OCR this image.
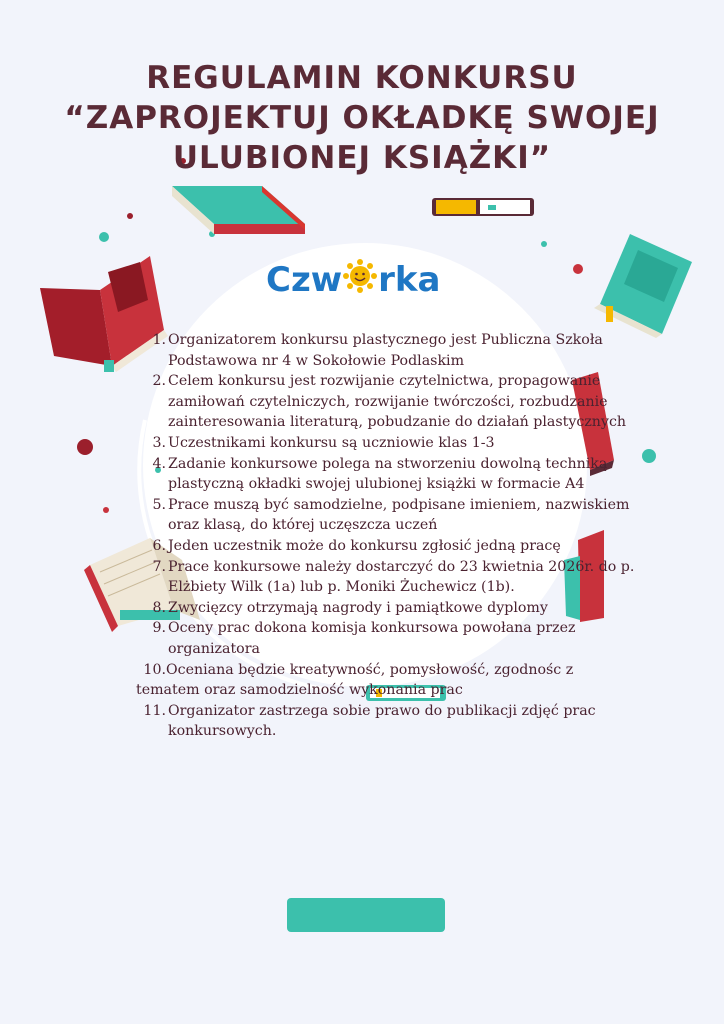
REGULAMIN KONKURSU
“ZAPROJEKTUJ OKŁADKĘ SWOJEJ
ULUBIONEJ KSIĄŻKI”
Czw rka
1. Organizatorem konkursu plastycznego jest Publiczna Szkoła Podstawowa nr 4 w Sokołowie Podlaskim
2. Celem konkursu jest rozwijanie czytelnictwa, propagowanie zamiłowań czytelniczych, rozwijanie twórczości, rozbudzanie zainteresowania literaturą, pobudzanie do działań plastycznych
3. Uczestnikami konkursu są uczniowie klas 1-3
4. Zadanie konkursowe polega na stworzeniu dowolną techniką plastyczną okładki swojej ulubionej książki w formacie A4
5. Prace muszą być samodzielne, podpisane imieniem, nazwiskiem oraz klasą, do której uczęszcza uczeń
6. Jeden uczestnik może do konkursu zgłosić jedną pracę
7. Prace konkursowe należy dostarczyć do 23 kwietnia 2026r. do p. Elżbiety Wilk (1a) lub p. Moniki Żuchewicz (1b).
8. Zwycięzcy otrzymają nagrody i pamiątkowe dyplomy
9. Oceny prac dokona komisja konkursowa powołana przez organizatora
10.Oceniana będzie kreatywność, pomysłowość, zgodnośc z tematem oraz samodzielność wykonania prac
11. Organizator zastrzega sobie prawo do publikacji zdjęć prac konkursowych.
